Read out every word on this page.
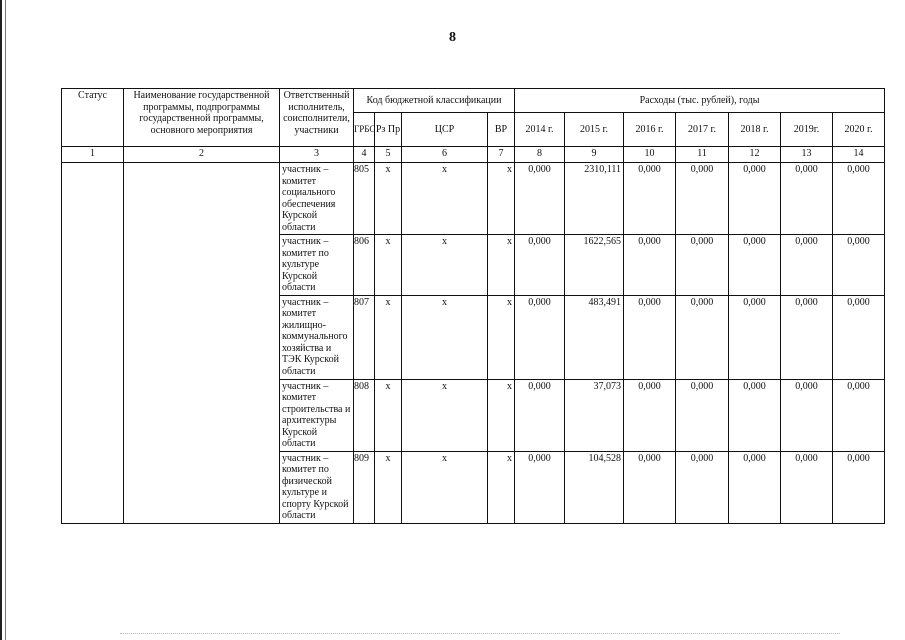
8
Статус	Наименование государственной программы, подпрограммы государственной программы, основного мероприятия	Ответственный исполнитель, соисполнители, участники	Код бюджетной классификации				Расходы (тыс. рублей), годы						
			ГРБС	Рз Пр	ЦСР	ВР	2014 г.	2015 г.	2016 г.	2017 г.	2018 г.	2019г.	2020 г.
1	2	3	4	5	6	7	8	9	10	11	12	13	14
		участник – комитет социального обеспечения Курской области	805	х	х	х	0,000	2310,111	0,000	0,000	0,000	0,000	0,000
		участник – комитет по культуре Курской области	806	х	х	х	0,000	1622,565	0,000	0,000	0,000	0,000	0,000
		участник – комитет жилищно-коммунального хозяйства и ТЭК Курской области	807	х	х	х	0,000	483,491	0,000	0,000	0,000	0,000	0,000
		участник – комитет строительства и архитектуры Курской области	808	х	х	х	0,000	37,073	0,000	0,000	0,000	0,000	0,000
		участник – комитет по физической культуре и спорту Курской области	809	х	х	х	0,000	104,528	0,000	0,000	0,000	0,000	0,000
